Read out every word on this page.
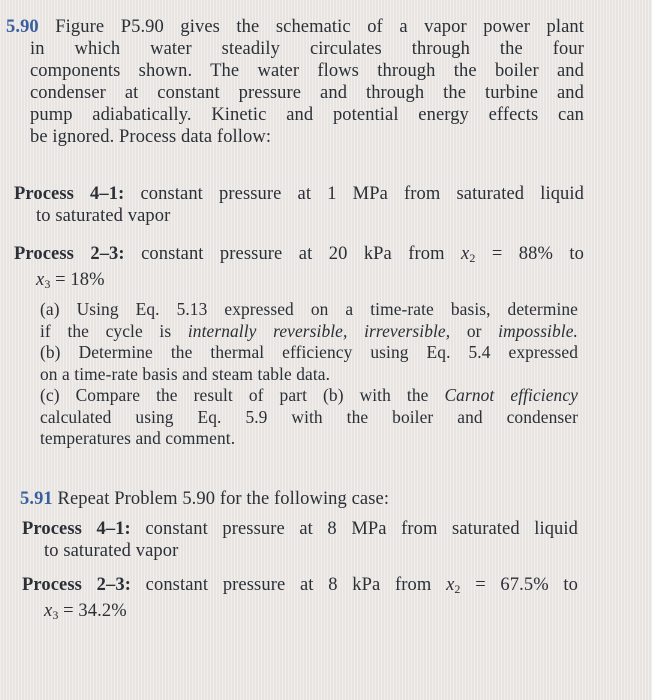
5.90 Figure P5.90 gives the schematic of a vapor power plant
in which water steadily circulates through the four
components shown. The water flows through the boiler and
condenser at constant pressure and through the turbine and
pump adiabatically. Kinetic and potential energy effects can
be ignored. Process data follow:
Process 4–1: constant pressure at 1 MPa from saturated liquid
to saturated vapor
Process 2–3: constant pressure at 20 kPa from $x_2 = 88\%$ to
$x_3 = 18\%$
(a) Using Eq. 5.13 expressed on a time-rate basis, determine
if the cycle is internally reversible, irreversible, or impossible.
(b) Determine the thermal efficiency using Eq. 5.4 expressed
on a time-rate basis and steam table data.
(c) Compare the result of part (b) with the Carnot efficiency
calculated using Eq. 5.9 with the boiler and condenser
temperatures and comment.
5.91 Repeat Problem 5.90 for the following case:
Process 4–1: constant pressure at 8 MPa from saturated liquid
to saturated vapor
Process 2–3: constant pressure at 8 kPa from $x_2 = 67.5\%$ to
$x_3 = 34.2\%$
